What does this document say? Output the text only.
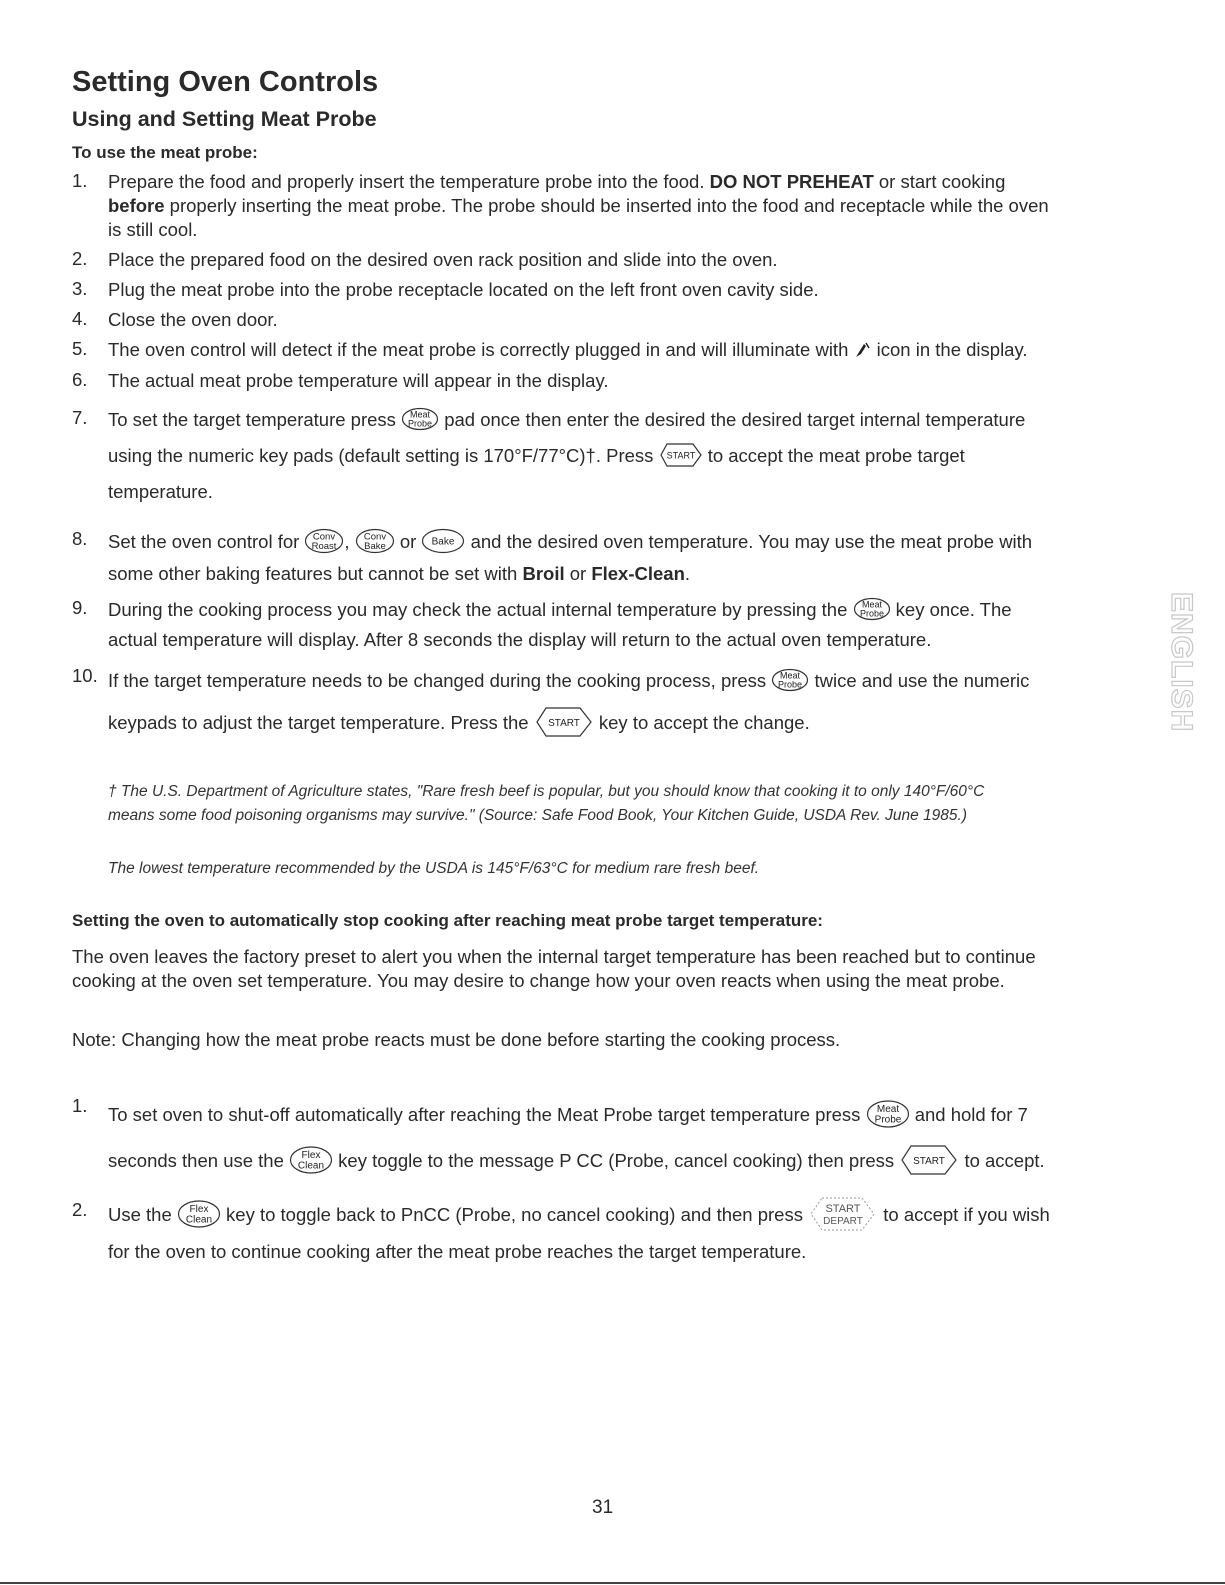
Setting Oven Controls
Using and Setting Meat Probe
To use the meat probe:
1. Prepare the food and properly insert the temperature probe into the food. DO NOT PREHEAT or start cooking
before properly inserting the meat probe. The probe should be inserted into the food and receptacle while the oven
is still cool.
2. Place the prepared food on the desired oven rack position and slide into the oven.
3. Plug the meat probe into the probe receptacle located on the left front oven cavity side.
4. Close the oven door.
5. The oven control will detect if the meat probe is correctly plugged in and will illuminate with icon in the display.
6. The actual meat probe temperature will appear in the display.
7. To set the target temperature press Meat
Probe pad once then enter the desired the desired target internal temperature
using the numeric key pads (default setting is 170°F/77°C)†. Press START to accept the meat probe target
temperature.
8. Set the oven control for Conv
Roast , Conv
Bake or Bake and the desired oven temperature. You may use the meat probe with
some other baking features but cannot be set with Broil or Flex-Clean.
9. During the cooking process you may check the actual internal temperature by pressing the Meat
Probe key once. The
actual temperature will display. After 8 seconds the display will return to the actual oven temperature.
10. If the target temperature needs to be changed during the cooking process, press Meat
Probe twice and use the numeric
keypads to adjust the target temperature. Press the START key to accept the change.
† The U.S. Department of Agriculture states, "Rare fresh beef is popular, but you should know that cooking it to only 140°F/60°C
means some food poisoning organisms may survive." (Source: Safe Food Book, Your Kitchen Guide, USDA Rev. June 1985.)
The lowest temperature recommended by the USDA is 145°F/63°C for medium rare fresh beef.
Setting the oven to automatically stop cooking after reaching meat probe target temperature:
The oven leaves the factory preset to alert you when the internal target temperature has been reached but to continue
cooking at the oven set temperature. You may desire to change how your oven reacts when using the meat probe.
Note: Changing how the meat probe reacts must be done before starting the cooking process.
1. To set oven to shut-off automatically after reaching the Meat Probe target temperature press Meat
Probe and hold for 7
seconds then use the Flex
Clean key toggle to the message P CC (Probe, cancel cooking) then press START to accept.
2. Use the Flex
Clean key to toggle back to PnCC (Probe, no cancel cooking) and then press START
DEPART to accept if you wish
for the oven to continue cooking after the meat probe reaches the target temperature.
ENGLISH
31
